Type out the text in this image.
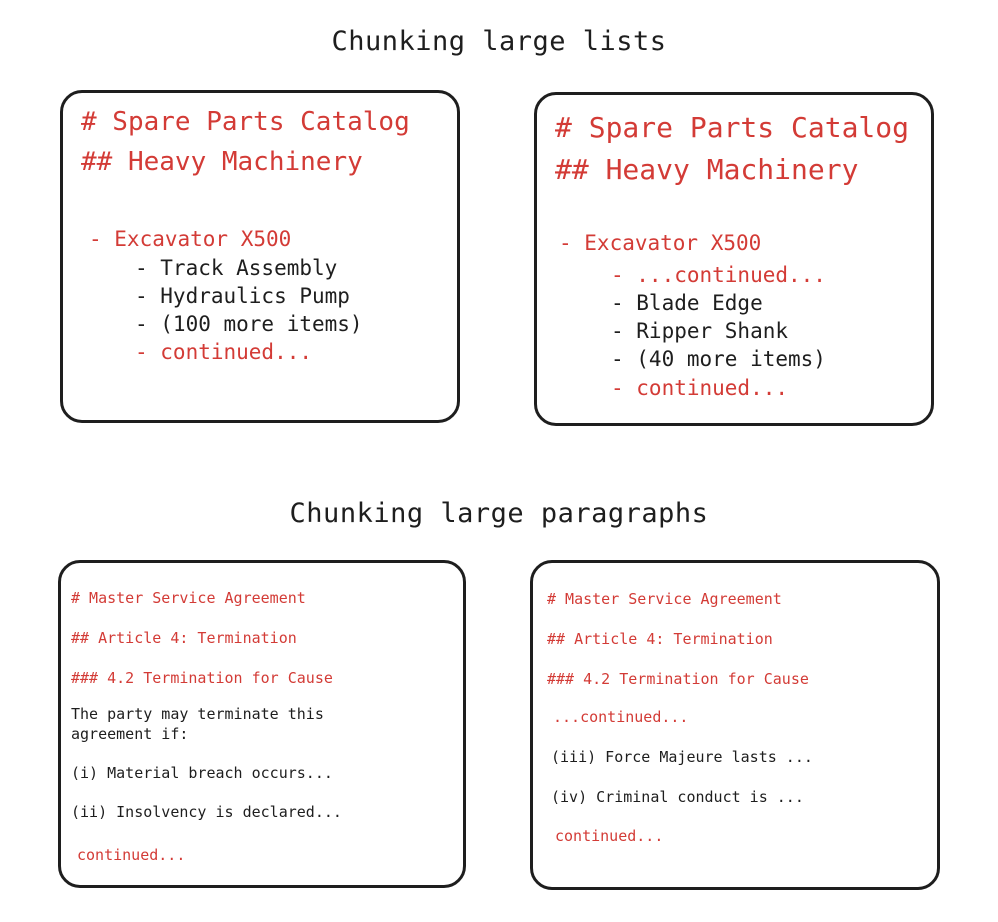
Chunking large lists
Chunking large paragraphs
# Spare Parts Catalog
## Heavy Machinery
- Excavator X500
- Track Assembly
- Hydraulics Pump
- (100 more items)
- continued...
# Spare Parts Catalog
## Heavy Machinery
- Excavator X500
- ...continued...
- Blade Edge
- Ripper Shank
- (40 more items)
- continued...
# Master Service Agreement
## Article 4: Termination
### 4.2 Termination for Cause
The party may terminate this
agreement if:
(i) Material breach occurs...
(ii) Insolvency is declared...
continued...
# Master Service Agreement
## Article 4: Termination
### 4.2 Termination for Cause
...continued...
(iii) Force Majeure lasts ...
(iv) Criminal conduct is ...
continued...
